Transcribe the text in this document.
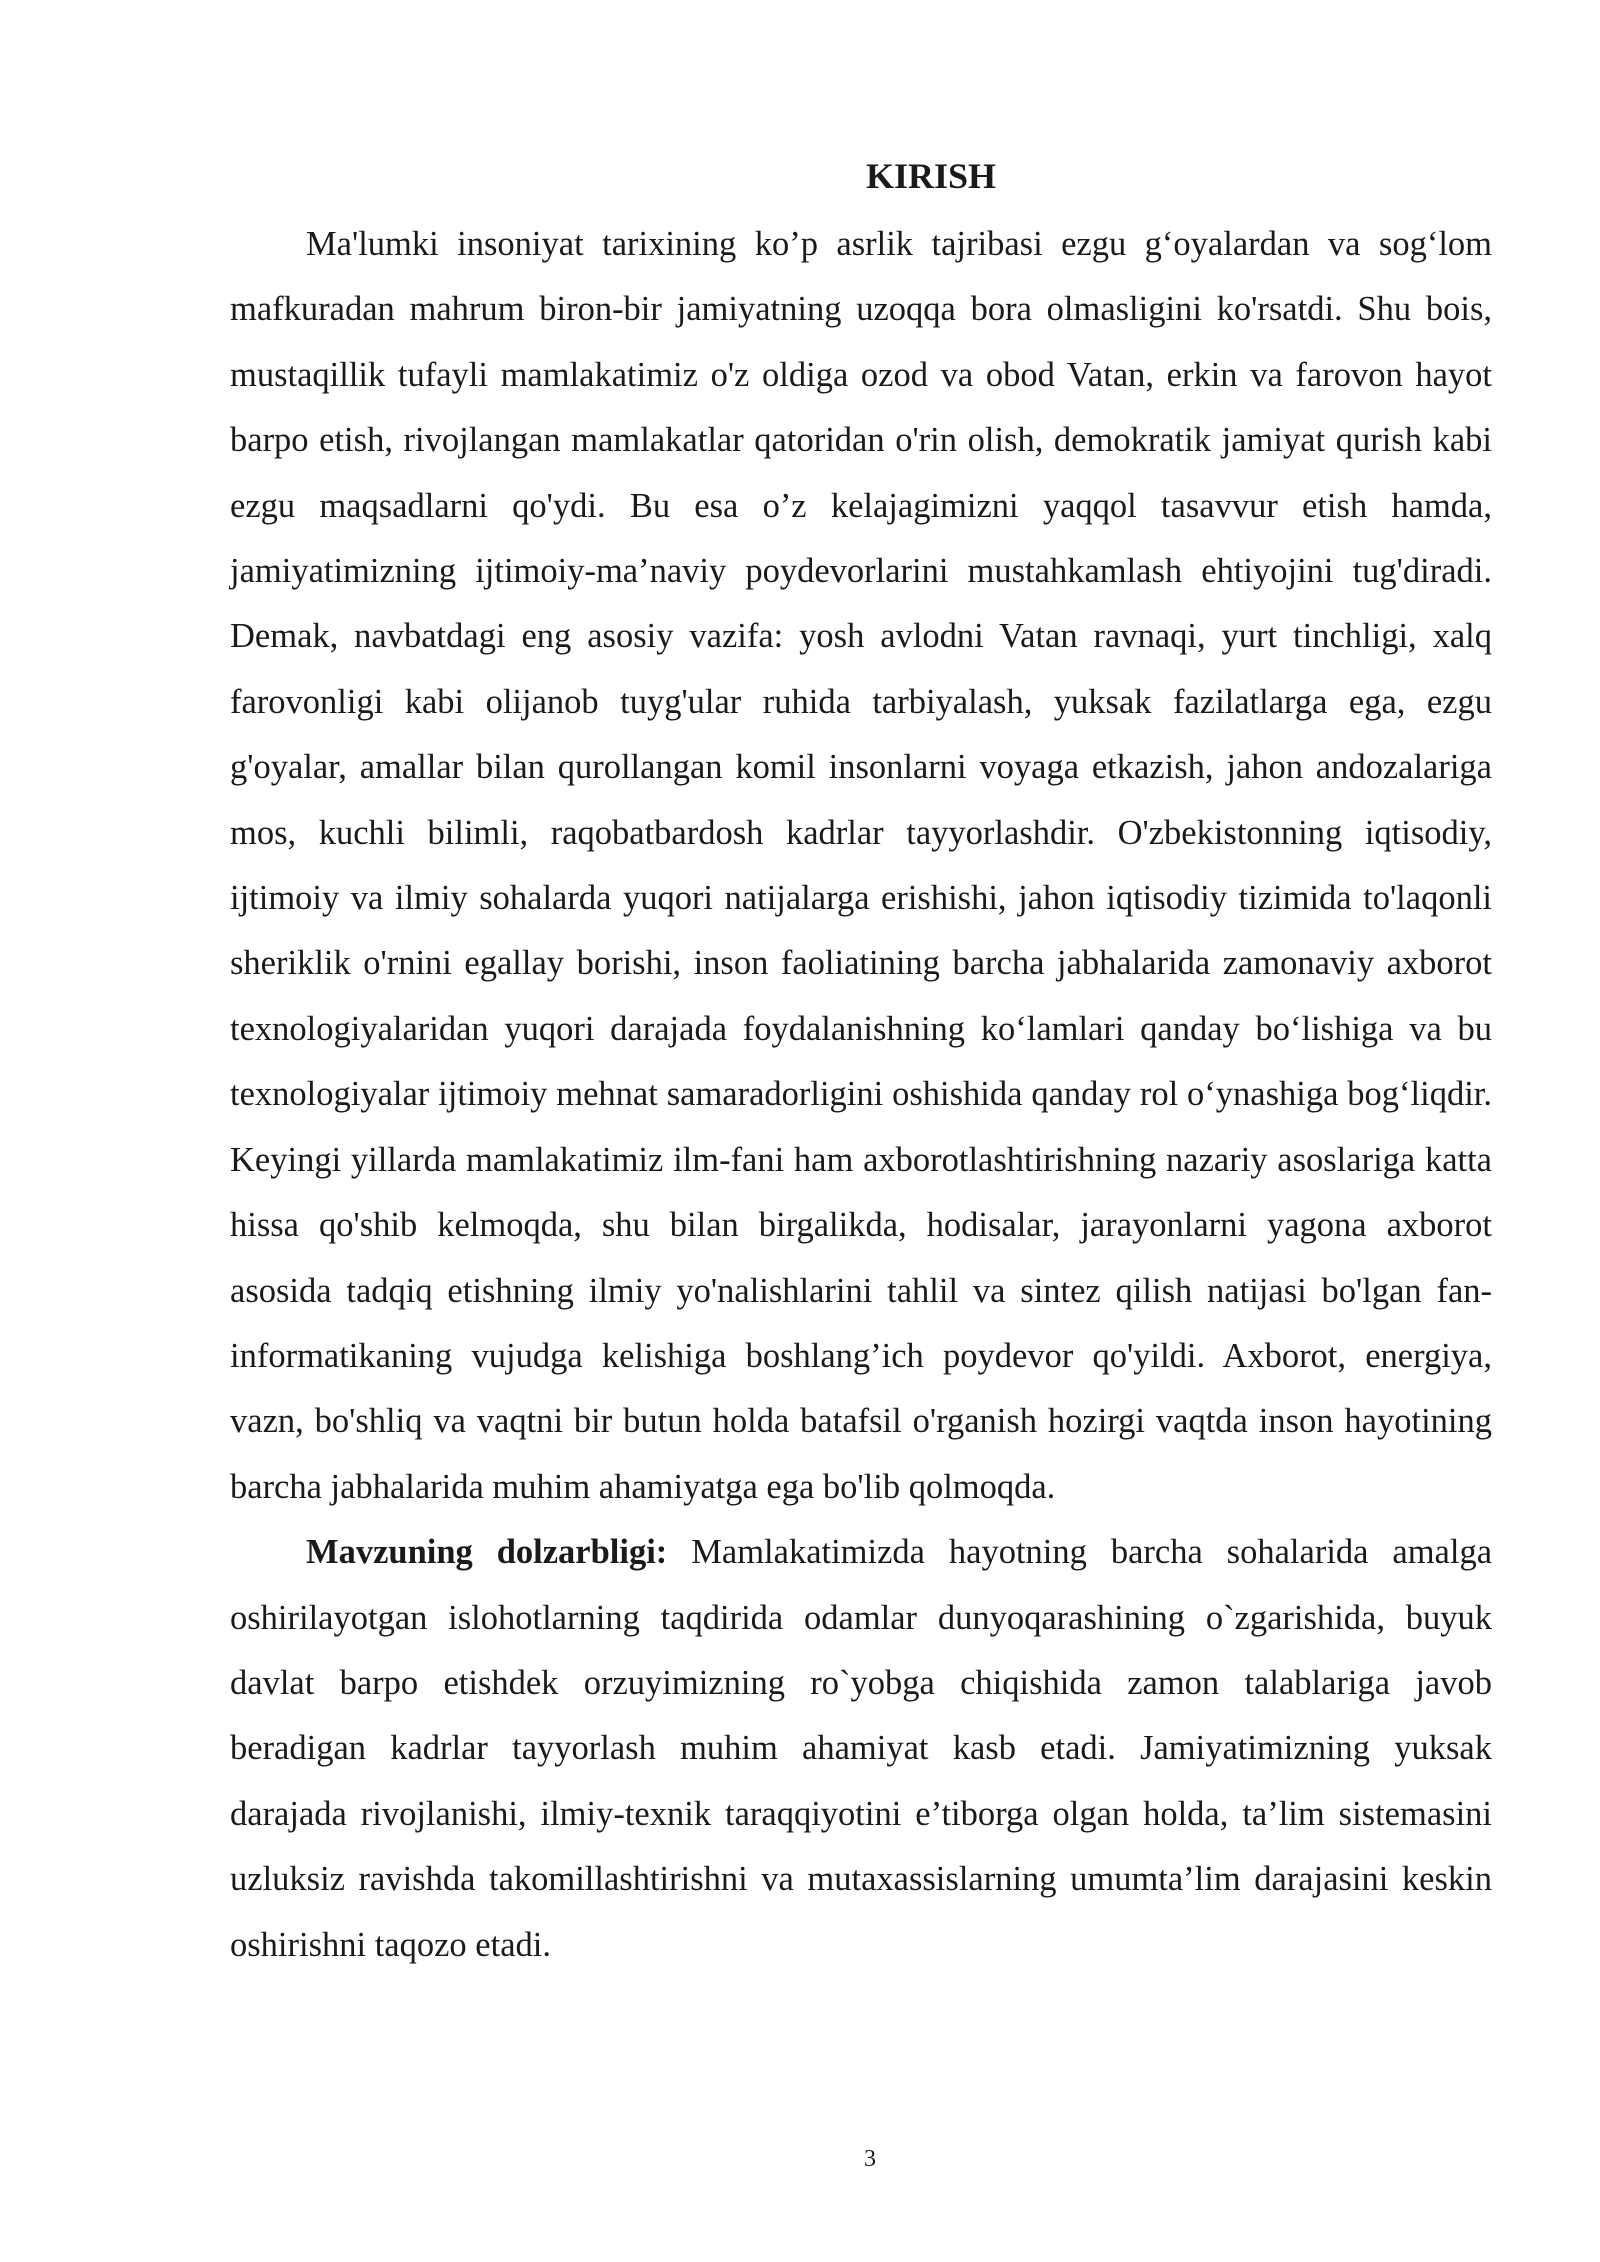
KIRISH

Ma'lumki insoniyat tarixining ko’p asrlik tajribasi ezgu g‘oyalardan va sog‘lom mafkuradan mahrum biron-bir jamiyatning uzoqqa bora olmasligini ko'rsatdi. Shu bois, mustaqillik tufayli mamlakatimiz o'z oldiga ozod va obod Vatan, erkin va farovon hayot barpo etish, rivojlangan mamlakatlar qatoridan o'rin olish, demokratik jamiyat qurish kabi ezgu maqsadlarni qo'ydi. Bu esa o’z kelajagimizni yaqqol tasavvur etish hamda, jamiyatimizning ijtimoiy-ma’naviy poydevorlarini mustahkamlash ehtiyojini tug'diradi. Demak, navbatdagi eng asosiy vazifa: yosh avlodni Vatan ravnaqi, yurt tinchligi, xalq farovonligi kabi olijanob tuyg'ular ruhida tarbiyalash, yuksak fazilatlarga ega, ezgu g'oyalar, amallar bilan qurollangan komil insonlarni voyaga etkazish, jahon andozalariga mos, kuchli bilimli, raqobatbardosh kadrlar tayyorlashdir. O'zbekistonning iqtisodiy, ijtimoiy va ilmiy sohalarda yuqori natijalarga erishishi, jahon iqtisodiy tizimida to'laqonli sheriklik o'rnini egallay borishi, inson faoliatining barcha jabhalarida zamonaviy axborot texnologiyalaridan yuqori darajada foydalanishning ko‘lamlari qanday bo‘lishiga va bu texnologiyalar ijtimoiy mehnat samaradorligini oshishida qanday rol o‘ynashiga bog‘liqdir. Keyingi yillarda mamlakatimiz ilm-fani ham axborotlashtirishning nazariy asoslariga katta hissa qo'shib kelmoqda, shu bilan birgalikda, hodisalar, jarayonlarni yagona axborot asosida tadqiq etishning ilmiy yo'nalishlarini tahlil va sintez qilish natijasi bo'lgan fan-informatikaning vujudga kelishiga boshlang’ich poydevor qo'yildi. Axborot, energiya, vazn, bo'shliq va vaqtni bir butun holda batafsil o'rganish hozirgi vaqtda inson hayotining barcha jabhalarida muhim ahamiyatga ega bo'lib qolmoqda.

Mavzuning dolzarbligi: Mamlakatimizda hayotning barcha sohalarida amalga oshirilayotgan islohotlarning taqdirida odamlar dunyoqarashining o`zgarishida, buyuk davlat barpo etishdek orzuyimizning ro`yobga chiqishida zamon talablariga javob beradigan kadrlar tayyorlash muhim ahamiyat kasb etadi. Jamiyatimizning yuksak darajada rivojlanishi, ilmiy-texnik taraqqiyotini e’tiborga olgan holda, ta’lim sistemasini uzluksiz ravishda takomillashtirishni va mutaxassislarning umumta’lim darajasini keskin oshirishni taqozo etadi.

3
